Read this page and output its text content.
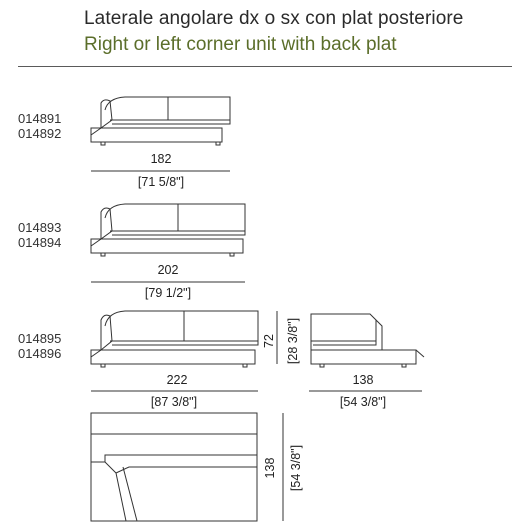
Laterale angolare dx o sx con plat posteriore
Right or left corner unit with back plat
014891
014892
014893
014894
014895
014896
182
[71 5/8"]
202
[79 1/2"]
222
[87 3/8"]
138
[54 3/8"]
72 [28 3/8"]
138 [54 3/8"]
